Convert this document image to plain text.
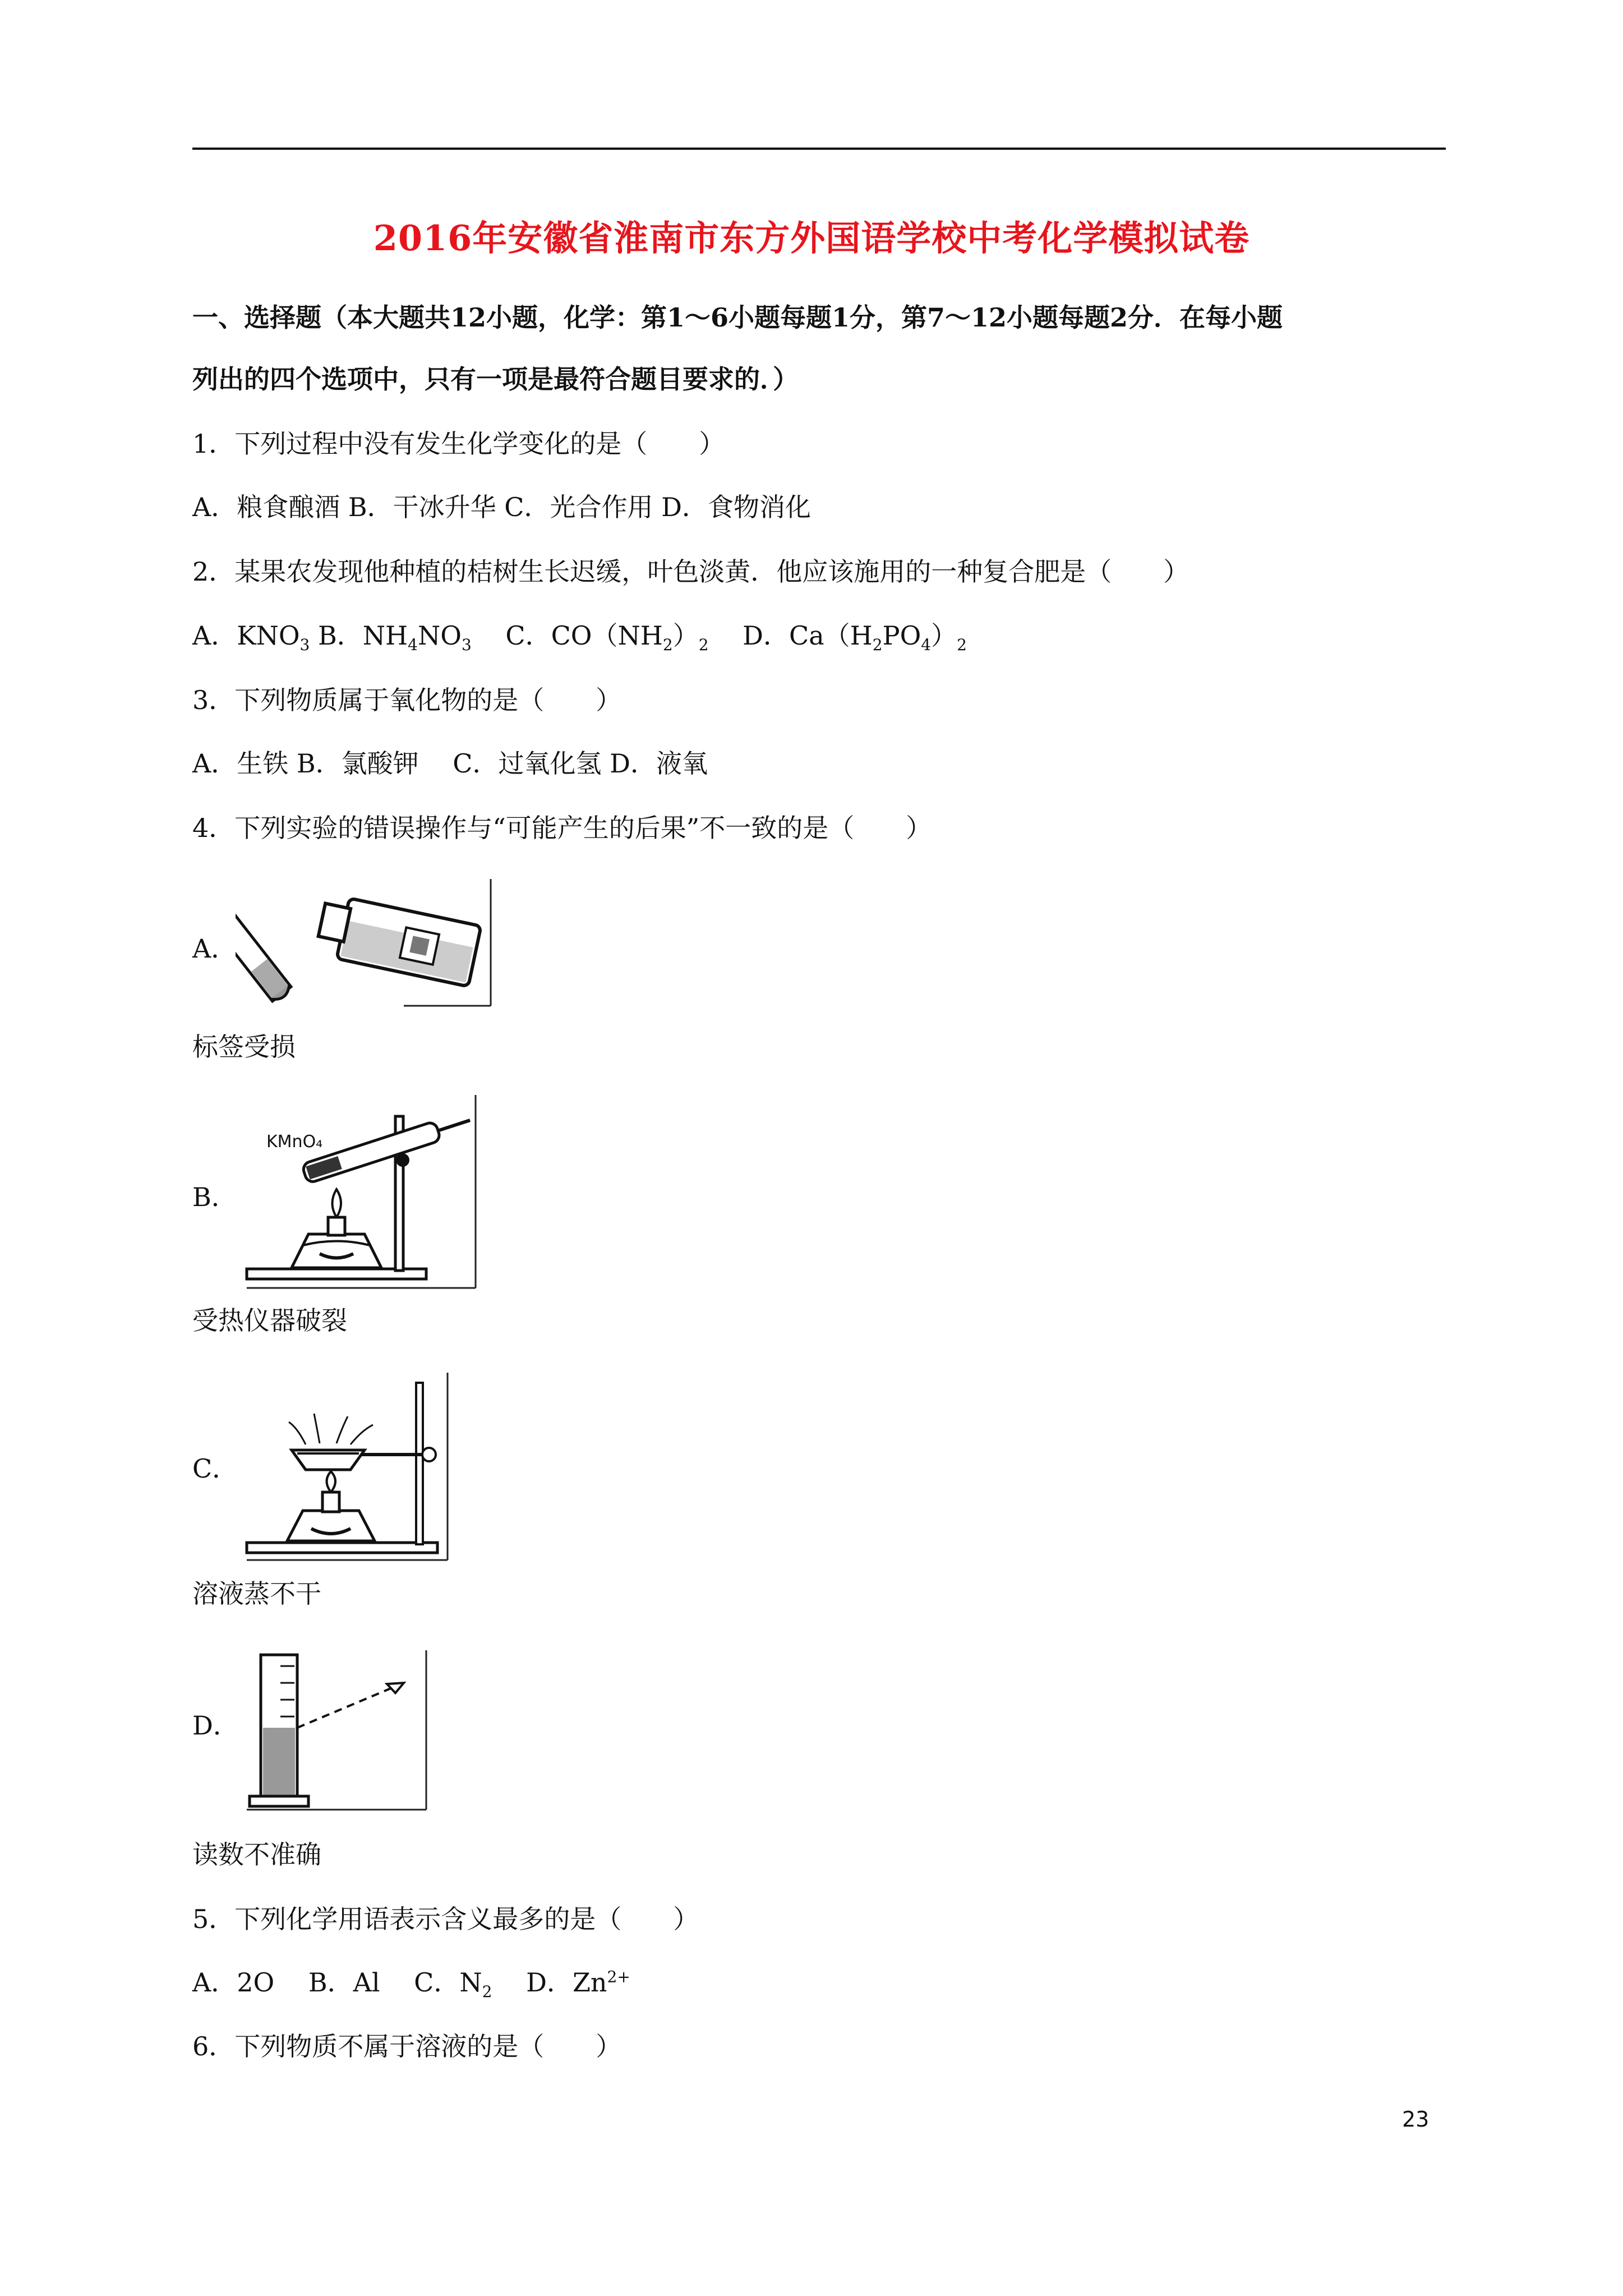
2016年安徽省淮南市东方外国语学校中考化学模拟试卷
一、选择题（本大题共12小题，化学：第1～6小题每题1分，第7～12小题每题2分．在每小题
列出的四个选项中，只有一项是最符合题目要求的．）
1．下列过程中没有发生化学变化的是（　　）
A．粮食酿酒 B．干冰升华 C．光合作用 D．食物消化
2．某果农发现他种植的桔树生长迟缓，叶色淡黄．他应该施用的一种复合肥是（　　）
A．$KNO_3$ B．$NH_4NO_3$　 C．$CO(NH_2)_2$　 D．$Ca(H_2PO_4)_2$
3．下列物质属于氧化物的是（　　）
A．生铁 B．氯酸钾　 C．过氧化氢 D．液氧
4．下列实验的错误操作与“可能产生的后果”不一致的是（　　）
A．
标签受损
B．
KMnO₄
受热仪器破裂
C．
溶液蒸不干
D．
读数不准确
5．下列化学用语表示含义最多的是（　　）
A．2O　 B．Al　 C．$N_2$　 D．$Zn^{2+}$
6．下列物质不属于溶液的是（　　）
23
